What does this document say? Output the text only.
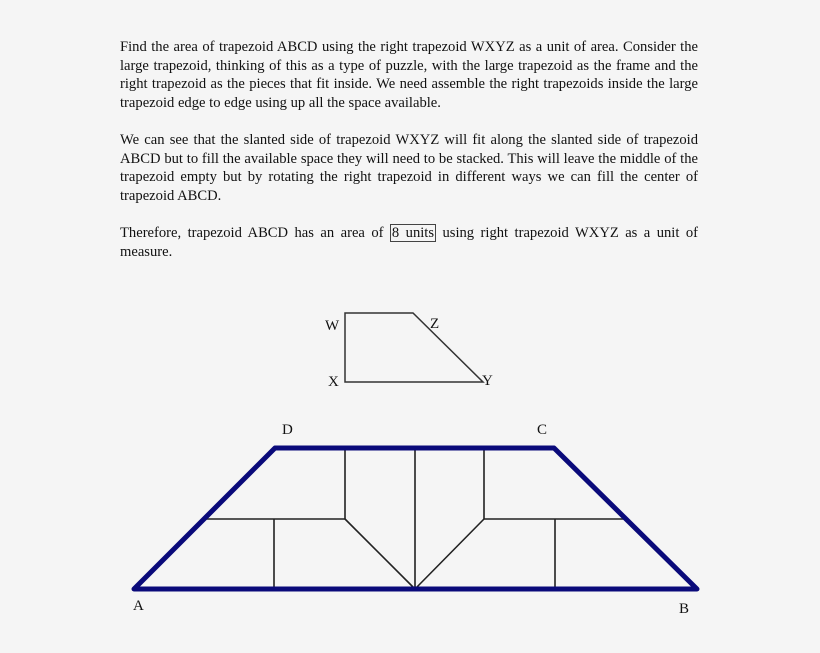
Find the area of trapezoid ABCD using the right trapezoid WXYZ as a unit of area. Consider the large trapezoid, thinking of this as a type of puzzle, with the large trapezoid as the frame and the right trapezoid as the pieces that fit inside. We need assemble the right trapezoids inside the large trapezoid edge to edge using up all the space available.

We can see that the slanted side of trapezoid WXYZ will fit along the slanted side of trapezoid ABCD but to fill the available space they will need to be stacked. This will leave the middle of the trapezoid empty but by rotating the right trapezoid in different ways we can fill the center of trapezoid ABCD.

Therefore, trapezoid ABCD has an area of 8 units using right trapezoid WXYZ as a unit of measure.

W	Z
Y
X
D	C
A	B
